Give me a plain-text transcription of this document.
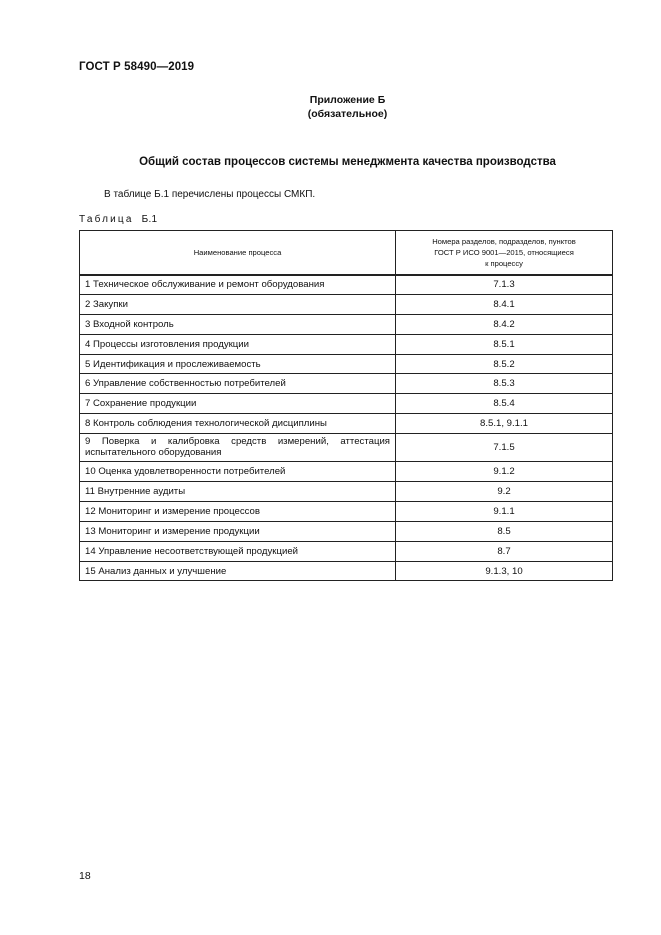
ГОСТ Р 58490—2019
Приложение Б
(обязательное)
Общий состав процессов системы менеджмента качества производства
В таблице Б.1 перечислены процессы СМКП.
Таблица Б.1
Наименование процесса	Номера разделов, подразделов, пунктов
ГОСТ Р ИСО 9001—2015, относящиеся
к процессу

1 Техническое обслуживание и ремонт оборудования	7.1.3
2 Закупки	8.4.1
3 Входной контроль	8.4.2
4 Процессы изготовления продукции	8.5.1
5 Идентификация и прослеживаемость	8.5.2
6 Управление собственностью потребителей	8.5.3
7 Сохранение продукции	8.5.4
8 Контроль соблюдения технологической дисциплины	8.5.1, 9.1.1
9 Поверка и калибровка средств измерений, аттестация испытательного оборудования	7.1.5
10 Оценка удовлетворенности потребителей	9.1.2
11 Внутренние аудиты	9.2
12 Мониторинг и измерение процессов	9.1.1
13 Мониторинг и измерение продукции	8.5
14 Управление несоответствующей продукцией	8.7
15 Анализ данных и улучшение	9.1.3, 10
18
